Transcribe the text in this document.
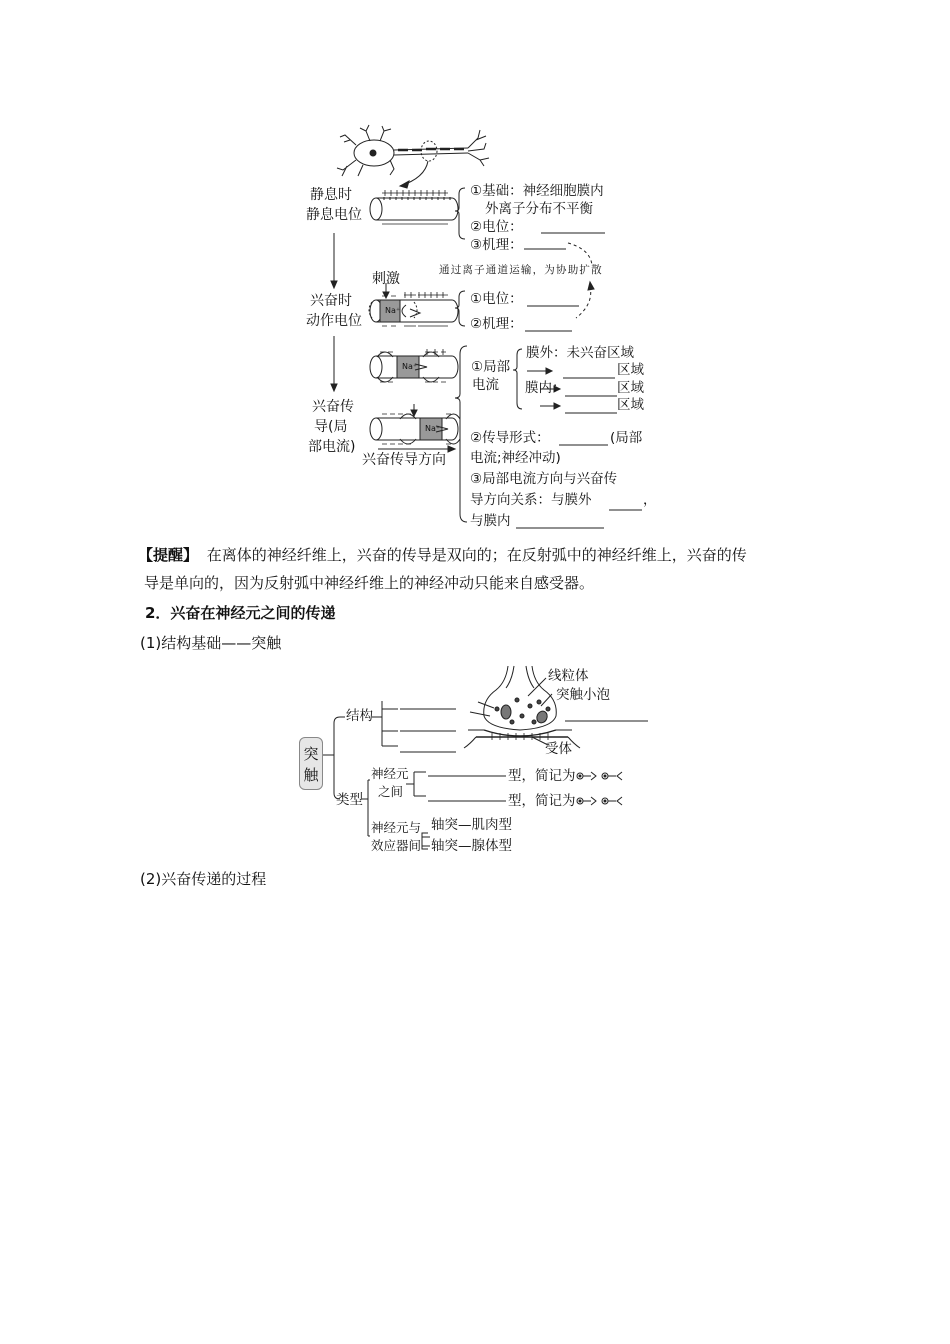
静息时
静息电位
兴奋时
动作电位
兴奋传
导(局
部电流)
①基础：神经细胞膜内
外离子分布不平衡
②电位：
③机理：
通过离子通道运输，为协助扩散
刺激
Na⁺
Na⁺
Na⁺
①电位：
②机理：
①局部
电流
膜外：未兴奋区域
区域
膜内：	区域
区域
②传导形式：	(局部
电流;神经冲动)
③局部电流方向与兴奋传
导方向关系：与膜外	，
与膜内
兴奋传导方向
【提醒】 在离体的神经纤维上，兴奋的传导是双向的；在反射弧中的神经纤维上，兴奋的传
导是单向的，因为反射弧中神经纤维上的神经冲动只能来自感受器。
2．兴奋在神经元之间的传递
(1)结构基础——突触
突
触
结构
线粒体
突触小泡
受体
类型
神经元
之间
型，简记为
型，简记为
神经元与
效应器间
轴突—肌肉型
轴突—腺体型
(2)兴奋传递的过程
